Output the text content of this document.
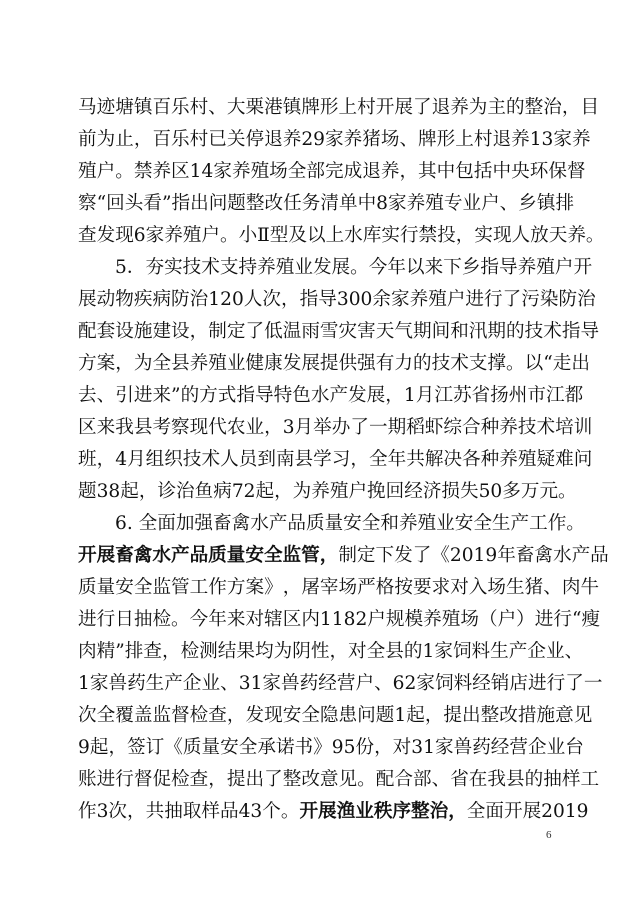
马 迹 塘 镇 百 乐 村 、 大 栗 港 镇 牌 形 上 村 开 展 了 退 养 为 主 的 整 治 ， 目
前 为 止 ， 百 乐 村 已 关 停 退 养 2 9 家 养 猪 场 、 牌 形 上 村 退 养 1 3 家 养
殖 户 。 禁 养 区 1 4 家 养 殖 场 全 部 完 成 退 养 ， 其 中 包 括 中 央 环 保 督
察 “ 回 头 看 ” 指 出 问 题 整 改 任 务 清 单 中 8 家 养 殖 专 业 户 、 乡 镇 排
查发现6家养殖户。小Ⅱ型及以上水库实行禁投，实现人放天养。
5 ． 夯 实 技 术 支 持 养 殖 业 发 展 。 今 年 以 来 下 乡 指 导 养 殖 户 开
展 动 物 疾 病 防 治 1 2 0 人 次 ， 指 导 3 0 0 余 家 养 殖 户 进 行 了 污 染 防 治
配 套 设 施 建 设 ， 制 定 了 低 温 雨 雪 灾 害 天 气 期 间 和 汛 期 的 技 术 指 导
方 案 ， 为 全 县 养 殖 业 健 康 发 展 提 供 强 有 力 的 技 术 支 撑 。 以 “ 走 出
去 、 引 进 来 ” 的 方 式 指 导 特 色 水 产 发 展 ， 1 月 江 苏 省 扬 州 市 江 都
区 来 我 县 考 察 现 代 农 业 ， 3 月 举 办 了 一 期 稻 虾 综 合 种 养 技 术 培 训
班 ， 4 月 组 织 技 术 人 员 到 南 县 学 习 ， 全 年 共 解 决 各 种 养 殖 疑 难 问
题38起，诊治鱼病72起，为养殖户挽回经济损失50多万元。
6. 全面加强畜禽水产品质量安全和养殖业安全生产工作。
开展畜禽水产品质量安全监管， 制定下发了《2019年畜禽水产品
质 量 安 全 监 管 工 作 方 案 》 ， 屠 宰 场 严 格 按 要 求 对 入 场 生 猪 、 肉 牛
进 行 日 抽 检 。 今 年 来 对 辖 区 内 1 1 8 2 户 规 模 养 殖 场 （ 户 ） 进 行 “ 瘦
肉 精 ” 排 查 ， 检 测 结 果 均 为 阴 性 ， 对 全 县 的 1 家 饲 料 生 产 企 业 、
1 家 兽 药 生 产 企 业 、 3 1 家 兽 药 经 营 户 、 6 2 家 饲 料 经 销 店 进 行 了 一
次 全 覆 盖 监 督 检 查 ， 发 现 安 全 隐 患 问 题 1 起 ， 提 出 整 改 措 施 意 见
9 起 ， 签 订 《 质 量 安 全 承 诺 书 》 9 5 份 ， 对 3 1 家 兽 药 经 营 企 业 台
账 进 行 督 促 检 查 ， 提 出 了 整 改 意 见 。 配 合 部 、 省 在 我 县 的 抽 样 工
作3次，共抽取样品43个。 开展渔业秩序整治， 全面开展2019
6
